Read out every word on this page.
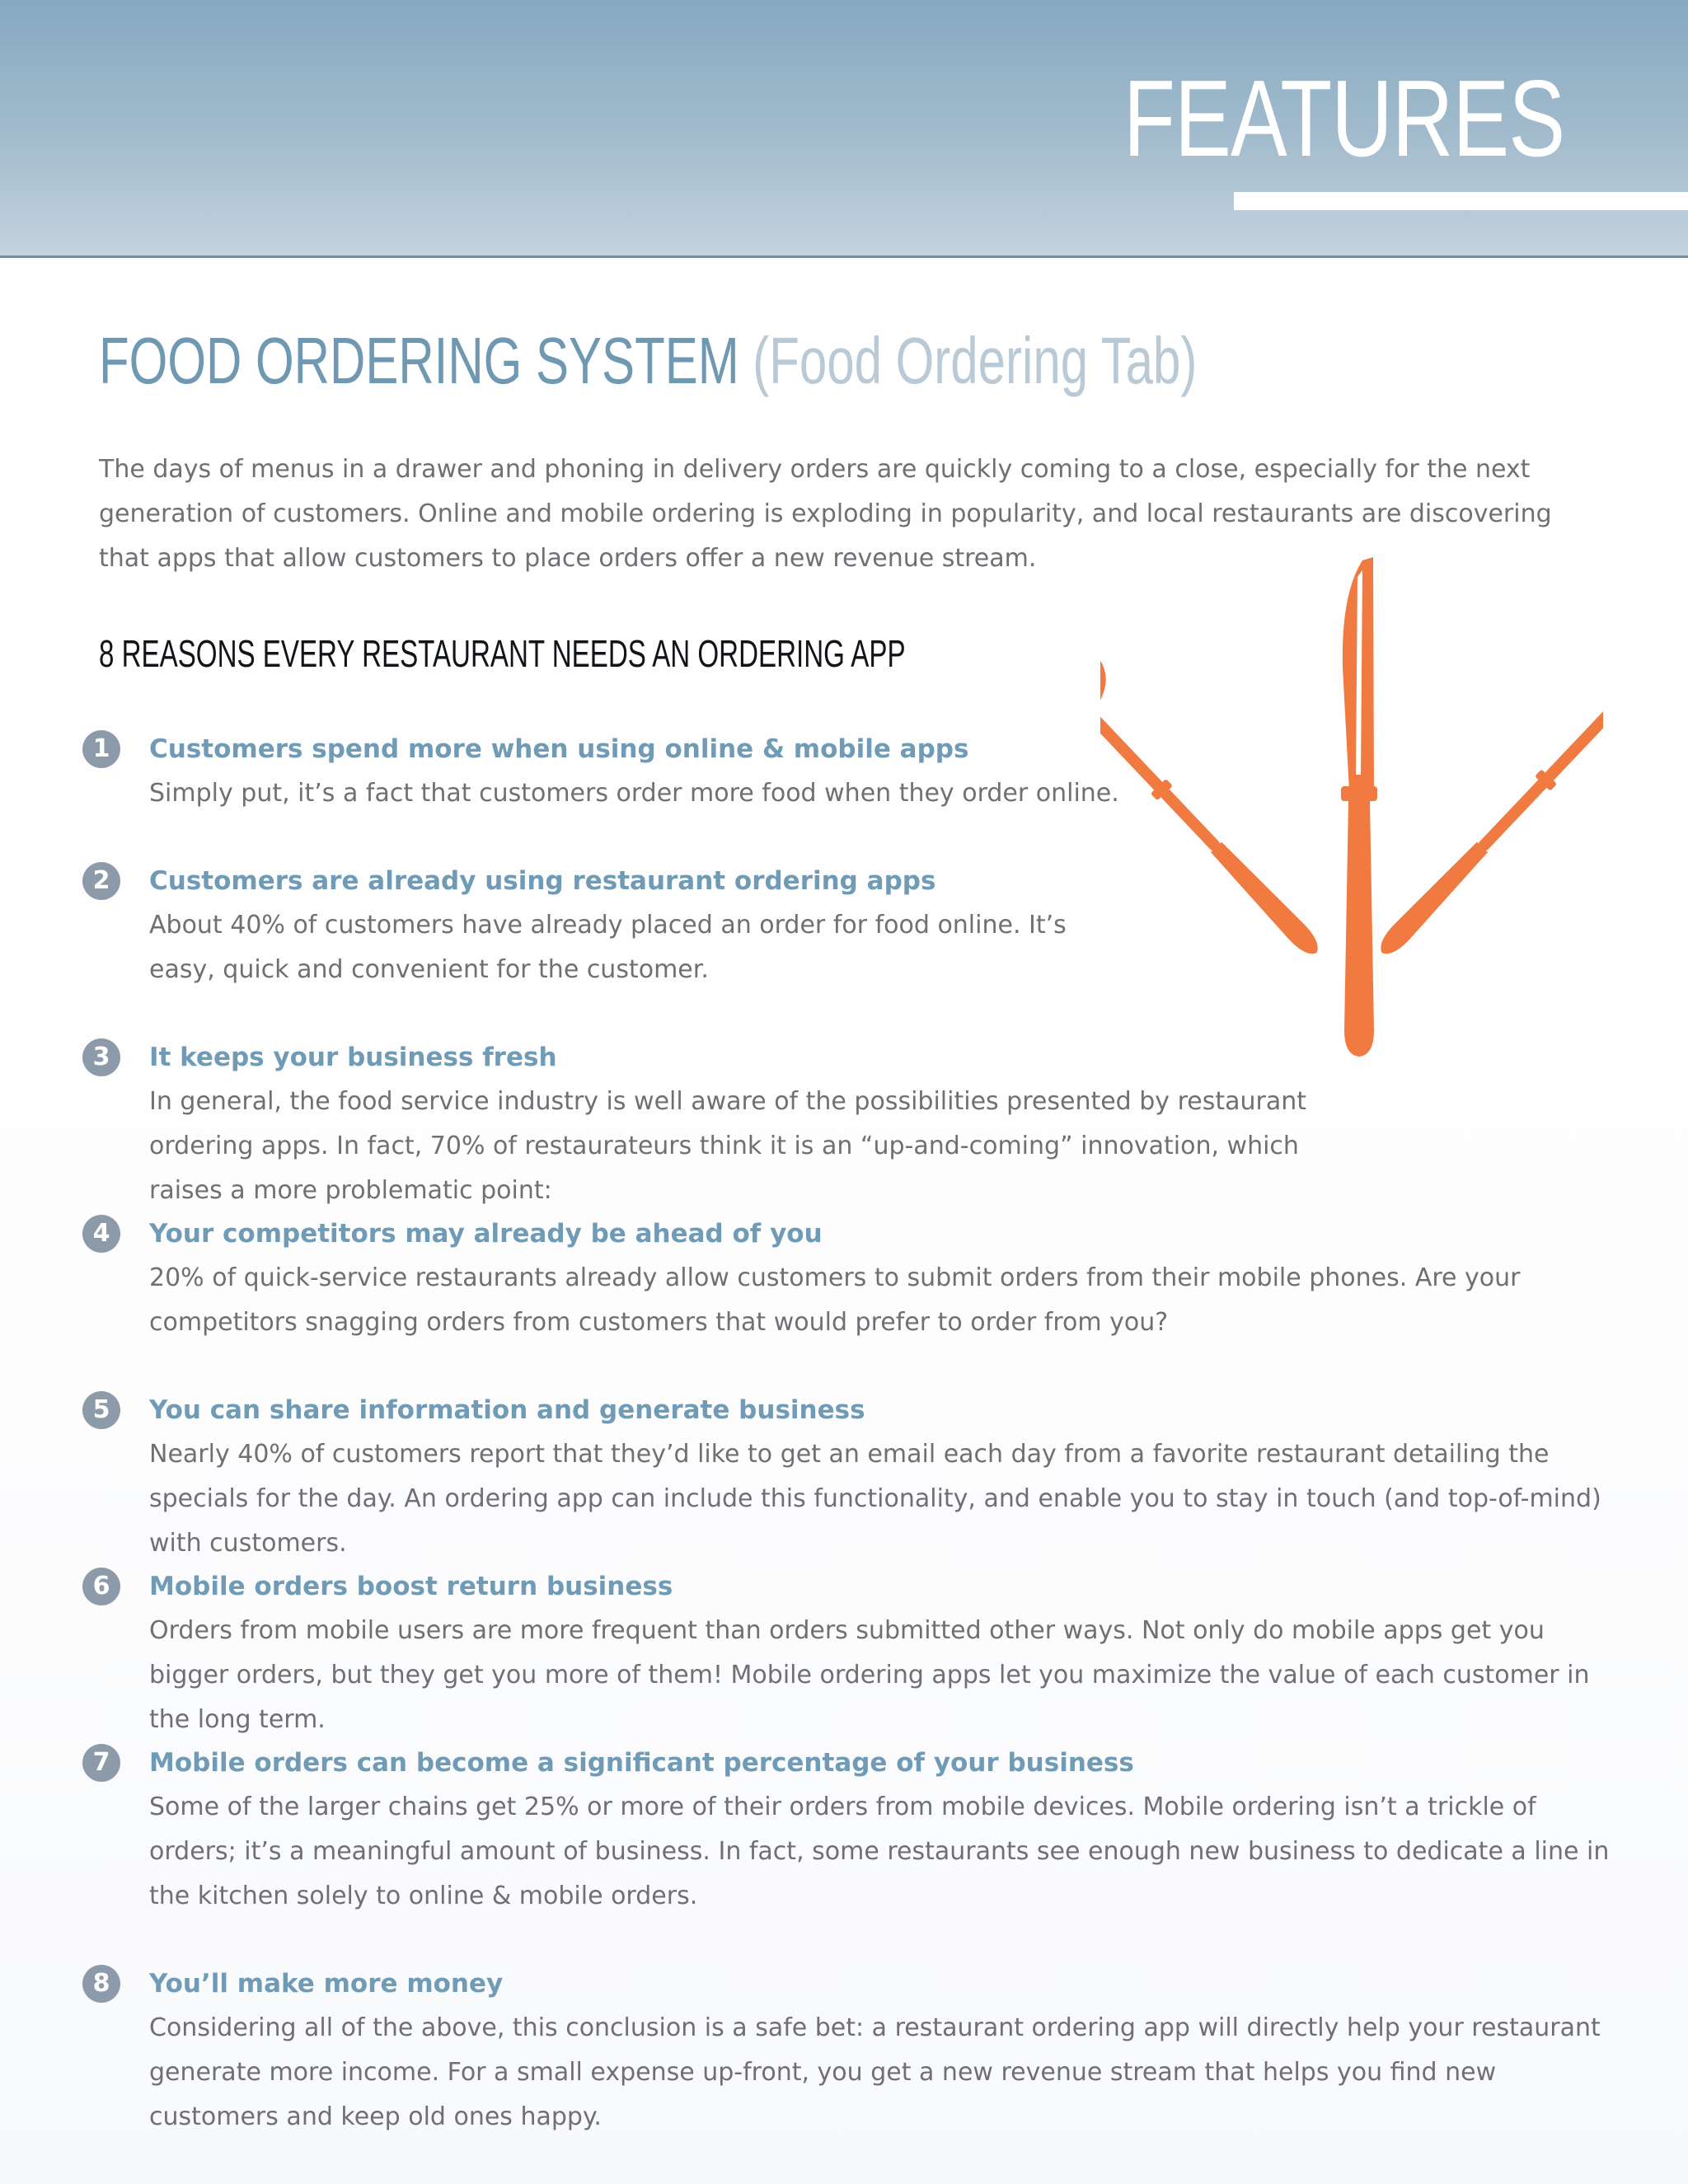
FEATURES
FOOD ORDERING SYSTEM (Food Ordering Tab)
The days of menus in a drawer and phoning in delivery orders are quickly coming to a close, especially for the next generation of customers. Online and mobile ordering is exploding in popularity, and local restaurants are discovering that apps that allow customers to place orders offer a new revenue stream.
8 REASONS EVERY RESTAURANT NEEDS AN ORDERING APP
1	Customers spend more when using online & mobile apps
Simply put, it’s a fact that customers order more food when they order online.
2	Customers are already using restaurant ordering apps
About 40% of customers have already placed an order for food online. It’s easy, quick and convenient for the customer.
3	It keeps your business fresh
In general, the food service industry is well aware of the possibilities presented by restaurant ordering apps. In fact, 70% of restaurateurs think it is an “up-and-coming” innovation, which raises a more problematic point:
4	Your competitors may already be ahead of you
20% of quick-service restaurants already allow customers to submit orders from their mobile phones. Are your competitors snagging orders from customers that would prefer to order from you?
5	You can share information and generate business
Nearly 40% of customers report that they’d like to get an email each day from a favorite restaurant detailing the specials for the day. An ordering app can include this functionality, and enable you to stay in touch (and top-of-mind) with customers.
6	Mobile orders boost return business
Orders from mobile users are more frequent than orders submitted other ways. Not only do mobile apps get you bigger orders, but they get you more of them! Mobile ordering apps let you maximize the value of each customer in the long term.
7	Mobile orders can become a significant percentage of your business
Some of the larger chains get 25% or more of their orders from mobile devices. Mobile ordering isn’t a trickle of orders; it’s a meaningful amount of business. In fact, some restaurants see enough new business to dedicate a line in the kitchen solely to online & mobile orders.
8	You’ll make more money
Considering all of the above, this conclusion is a safe bet: a restaurant ordering app will directly help your restaurant generate more income. For a small expense up-front, you get a new revenue stream that helps you find new customers and keep old ones happy.
